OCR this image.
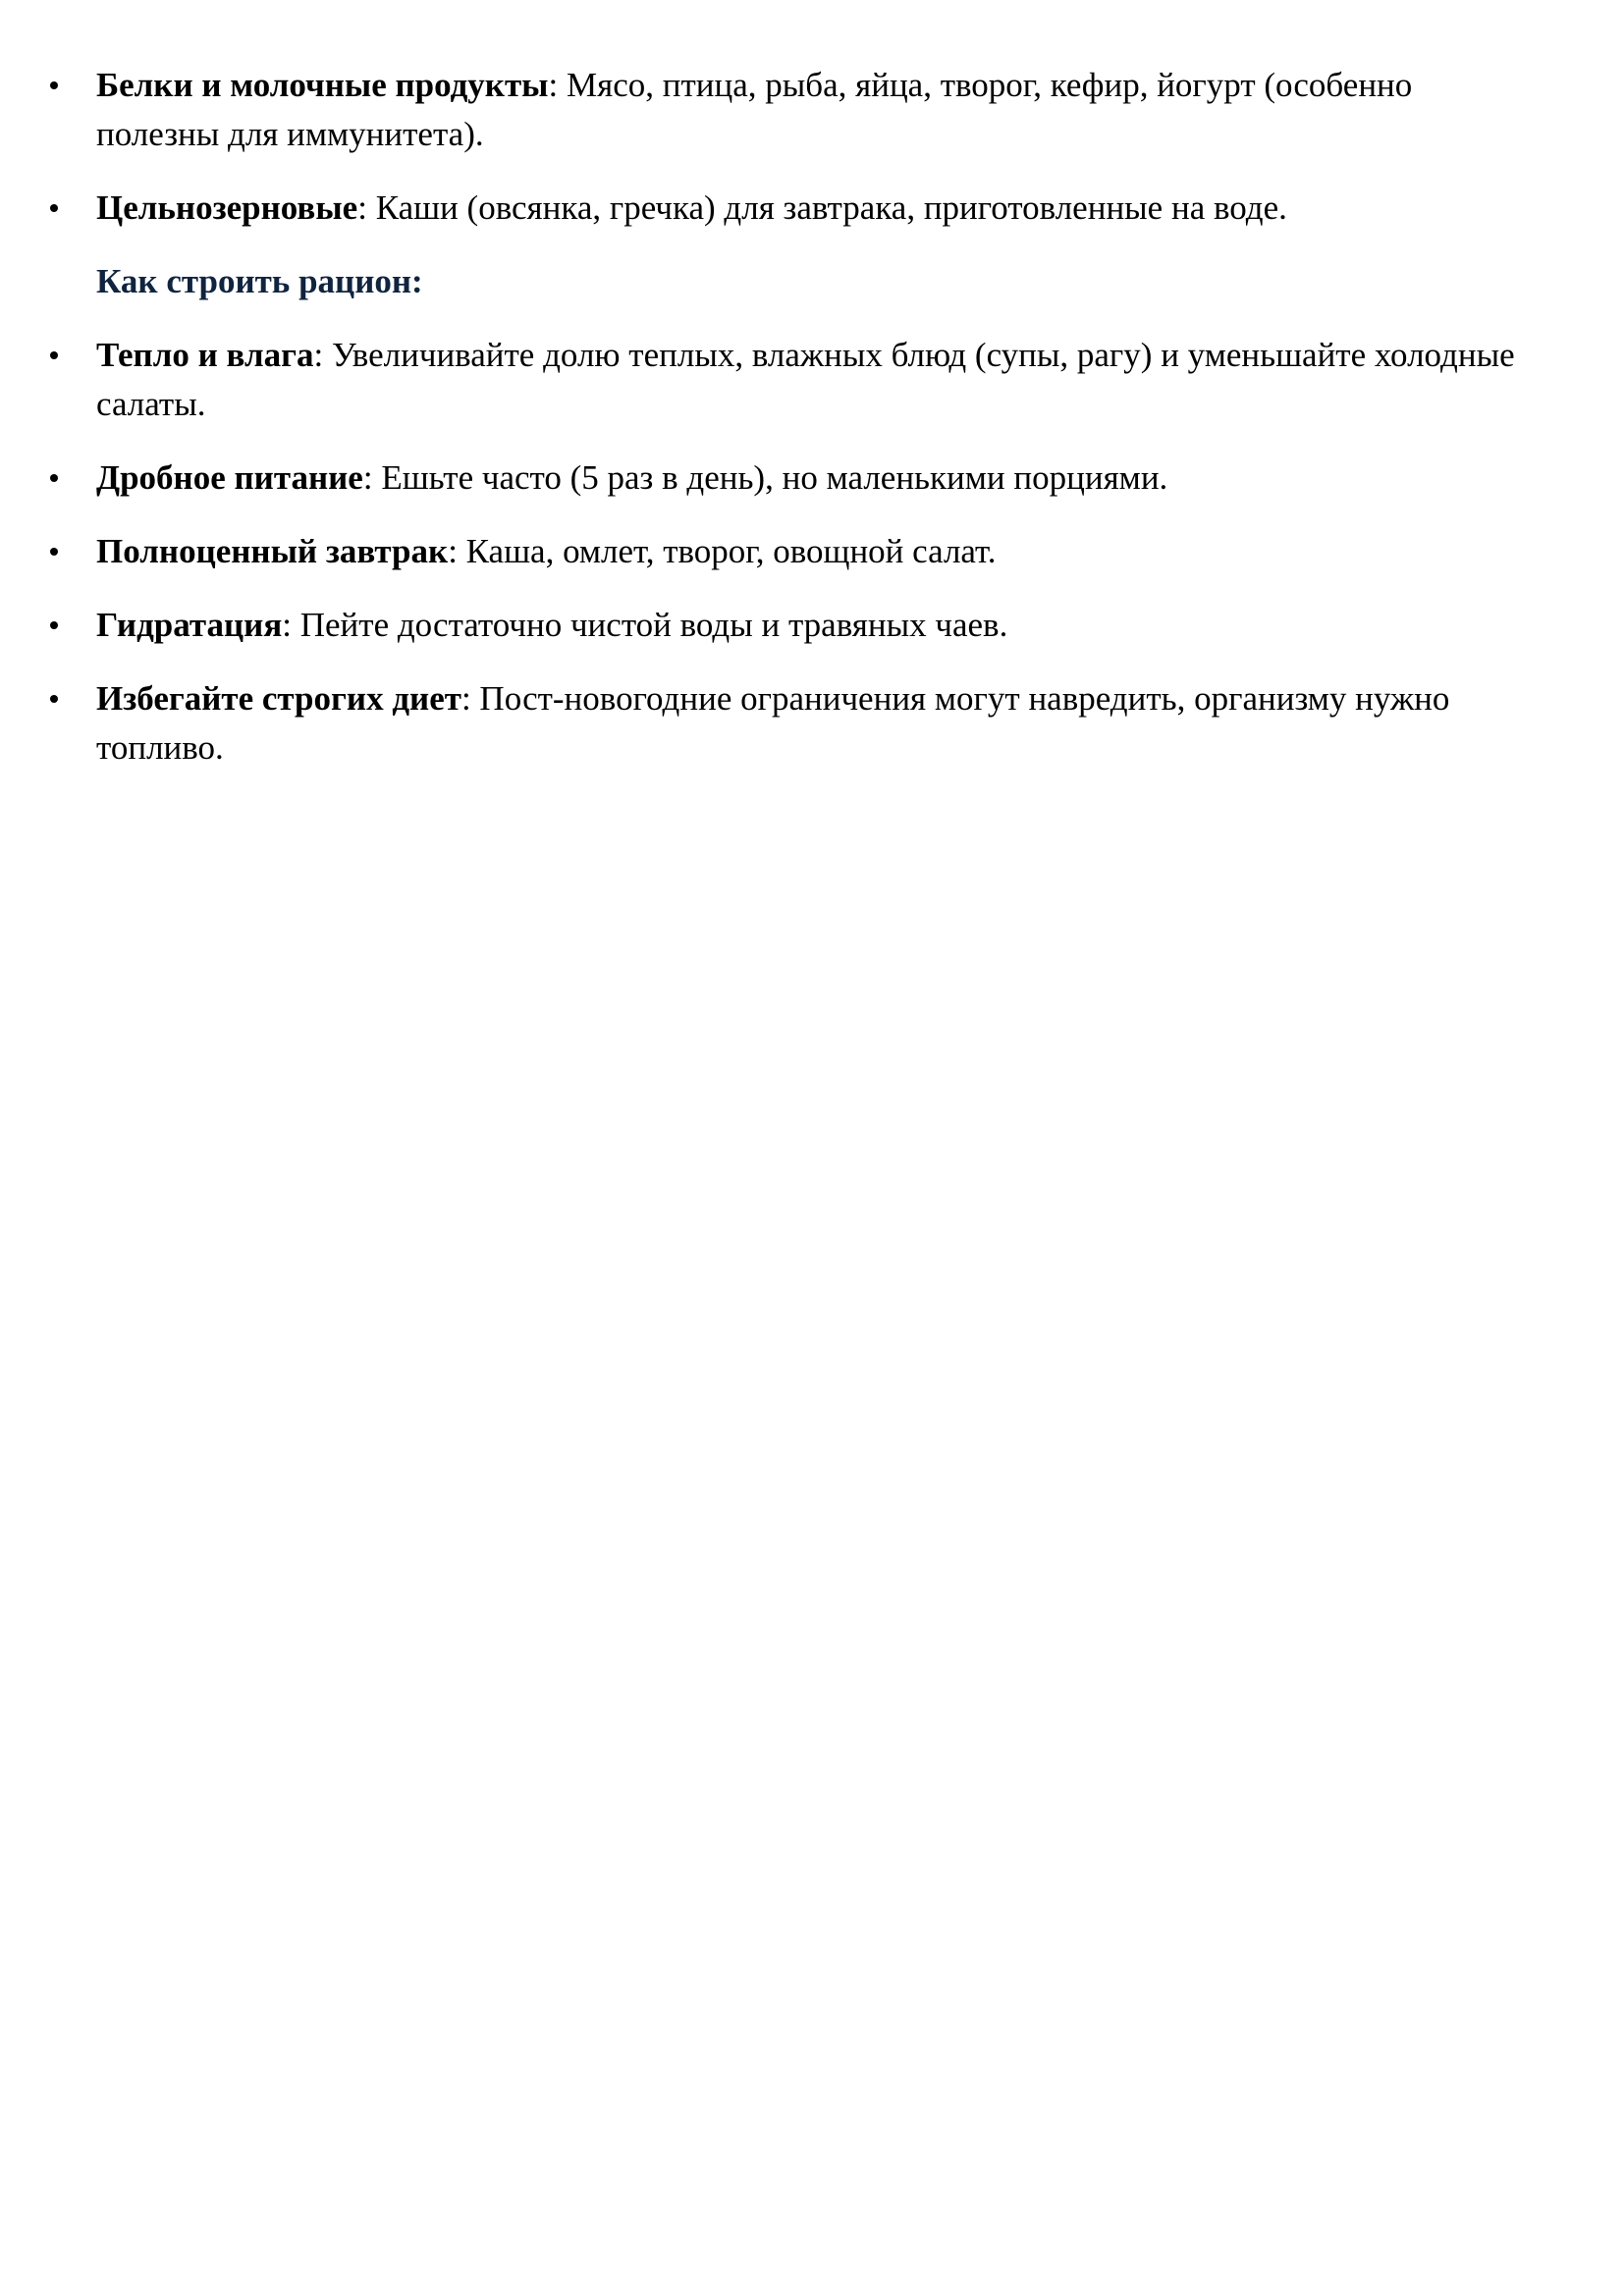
Белки и молочные продукты: Мясо, птица, рыба, яйца, творог, кефир, йогурт (особенно полезны для иммунитета).
Цельнозерновые: Каши (овсянка, гречка) для завтрака, приготовленные на воде.
Как строить рацион:
Тепло и влага: Увеличивайте долю теплых, влажных блюд (супы, рагу) и уменьшайте холодные салаты.
Дробное питание: Ешьте часто (5 раз в день), но маленькими порциями.
Полноценный завтрак: Каша, омлет, творог, овощной салат.
Гидратация: Пейте достаточно чистой воды и травяных чаев.
Избегайте строгих диет: Пост-новогодние ограничения могут навредить, организму нужно топливо.
